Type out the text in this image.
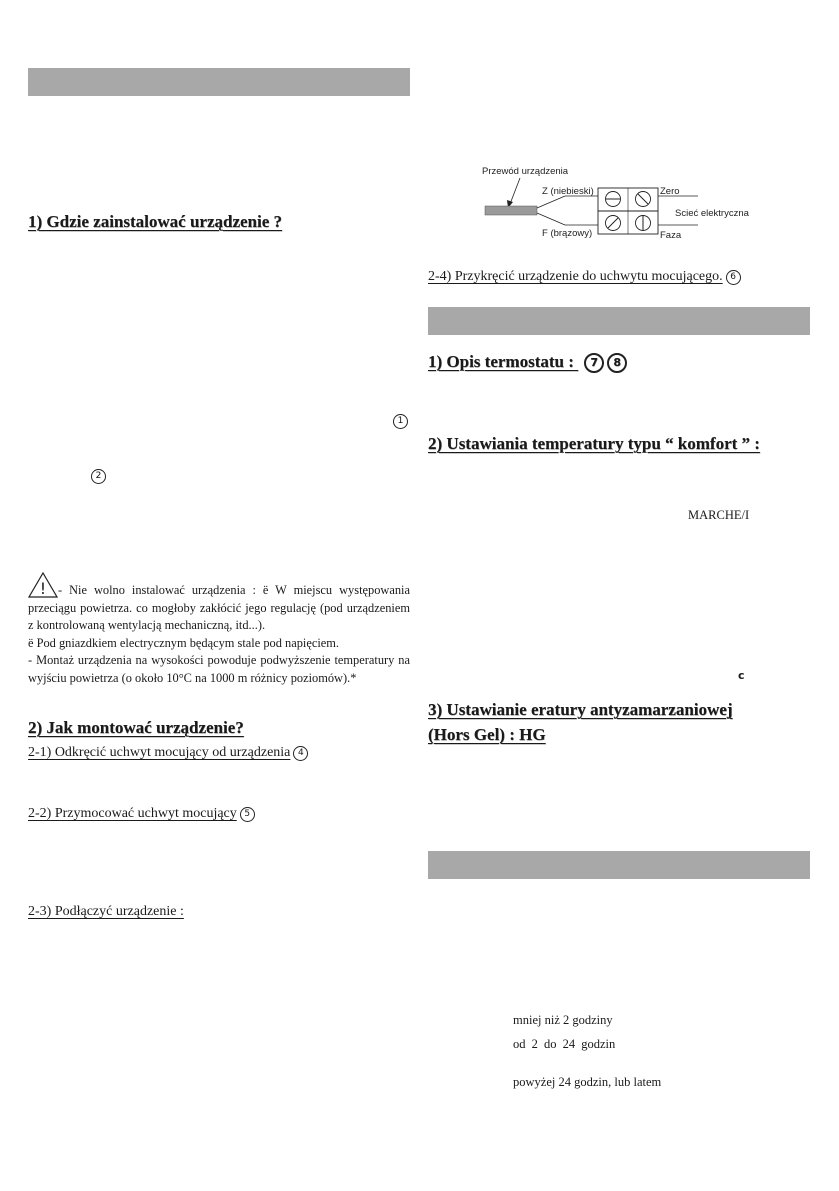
1) Gdzie zainstalować urządzenie ?
1
2

! - Nie wolno instalować urządzenia : ë W miejscu występowania przeciągu powietrza. co mogłoby zakłócić jego regulację (pod urządzeniem z kontrolowaną wentylacją mechaniczną, itd...).

ë Pod gniazdkiem electrycznym będącym stale pod napięciem.

- Montaż urządzenia na wysokości powoduje podwyższenie temperatury na wyjściu powietrza (o około 10°C na 1000 m różnicy poziomów).*

2) Jak montować urządzenie?
2-1) Odkręcić uchwyt mocujący od urządzenia 4
2-2) Przymocować uchwyt mocujący 5
2-3) Podłączyć urządzenie :
Przewód urządzenia
Z (niebieski)
F (brązowy)
Zero
Scieć elektryczna
Faza
2-4) Przykręcić urządzenie do uchwytu mocującego. 6
1) Opis termostatu : 7 8
2) Ustawiania temperatury typu “ komfort ” :
MARCHE/I
c
3) Ustawianie eratury antyzamarzaniowej
(Hors Gel) : HG
mniej niż 2 godziny
od 2 do 24 godzin
powyżej 24 godzin, lub latem
